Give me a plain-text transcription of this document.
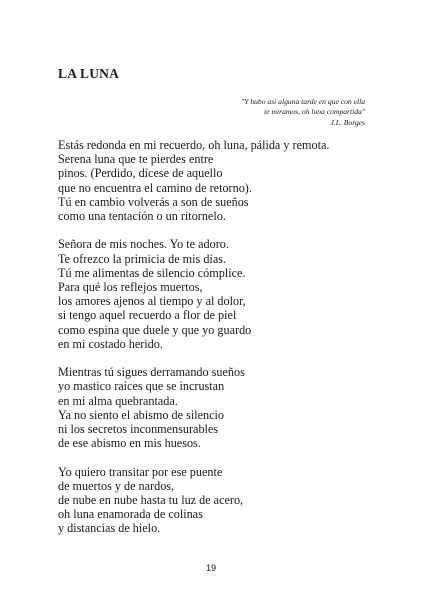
LA LUNA
"Y hubo así alguna tarde en que con ella
te miramos, oh luna compartida"
J.L. Borges
Estás redonda en mi recuerdo, oh luna, pálida y remota.
Serena luna que te pierdes entre
pinos. (Perdido, dícese de aquello
que no encuentra el camino de retorno).
Tú en cambio volverás a son de sueños
como una tentación o un ritornelo.
Señora de mis noches. Yo te adoro.
Te ofrezco la primicia de mis días.
Tú me alimentas de silencio cómplice.
Para qué los reflejos muertos,
los amores ajenos al tiempo y al dolor,
si tengo aquel recuerdo a flor de piel
como espina que duele y que yo guardo
en mi costado herido.
Mientras tú sigues derramando sueños
yo mastico raíces que se incrustan
en mi alma quebrantada.
Ya no siento el abismo de silencio
ni los secretos inconmensurables
de ese abismo en mis huesos.
Yo quiero transitar por ese puente
de muertos y de nardos,
de nube en nube hasta tu luz de acero,
oh luna enamorada de colinas
y distancias de hielo.
19
